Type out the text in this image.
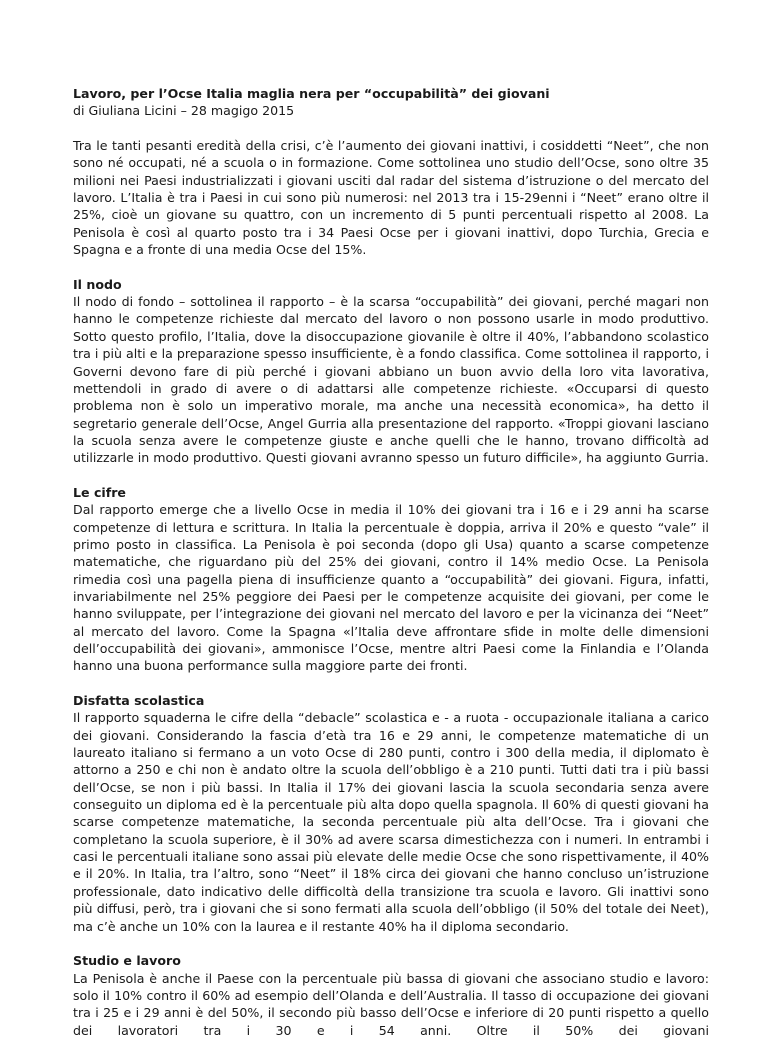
Lavoro, per l’Ocse Italia maglia nera per “occupabilità” dei giovani

di Giuliana Licini – 28 magigo 2015

Tra le tanti pesanti eredità della crisi, c’è l’aumento dei giovani inattivi, i cosiddetti “Neet”, che non sono né occupati, né a scuola o in formazione. Come sottolinea uno studio dell’Ocse, sono oltre 35 milioni nei Paesi industrializzati i giovani usciti dal radar del sistema d’istruzione o del mercato del lavoro. L’Italia è tra i Paesi in cui sono più numerosi: nel 2013 tra i 15-29enni i “Neet” erano oltre il 25%, cioè un giovane su quattro, con un incremento di 5 punti percentuali rispetto al 2008. La Penisola è così al quarto posto tra i 34 Paesi Ocse per i giovani inattivi, dopo Turchia, Grecia e Spagna e a fronte di una media Ocse del 15%.

Il nodo

Il nodo di fondo – sottolinea il rapporto – è la scarsa “occupabilità” dei giovani, perché magari non hanno le competenze richieste dal mercato del lavoro o non possono usarle in modo produttivo. Sotto questo profilo, l’Italia, dove la disoccupazione giovanile è oltre il 40%, l’abbandono scolastico tra i più alti e la preparazione spesso insufficiente, è a fondo classifica. Come sottolinea il rapporto, i Governi devono fare di più perché i giovani abbiano un buon avvio della loro vita lavorativa, mettendoli in grado di avere o di adattarsi alle competenze richieste. «Occuparsi di questo problema non è solo un imperativo morale, ma anche una necessità economica», ha detto il segretario generale dell’Ocse, Angel Gurria alla presentazione del rapporto. «Troppi giovani lasciano la scuola senza avere le competenze giuste e anche quelli che le hanno, trovano difficoltà ad utilizzarle in modo produttivo. Questi giovani avranno spesso un futuro difficile», ha aggiunto Gurria.

Le cifre

Dal rapporto emerge che a livello Ocse in media il 10% dei giovani tra i 16 e i 29 anni ha scarse competenze di lettura e scrittura. In Italia la percentuale è doppia, arriva il 20% e questo “vale” il primo posto in classifica. La Penisola è poi seconda (dopo gli Usa) quanto a scarse competenze matematiche, che riguardano più del 25% dei giovani, contro il 14% medio Ocse. La Penisola rimedia così una pagella piena di insufficienze quanto a “occupabilità” dei giovani. Figura, infatti, invariabilmente nel 25% peggiore dei Paesi per le competenze acquisite dei giovani, per come le hanno sviluppate, per l’integrazione dei giovani nel mercato del lavoro e per la vicinanza dei “Neet” al mercato del lavoro. Come la Spagna «l’Italia deve affrontare sfide in molte delle dimensioni dell’occupabilità dei giovani», ammonisce l’Ocse, mentre altri Paesi come la Finlandia e l’Olanda hanno una buona performance sulla maggiore parte dei fronti.

Disfatta scolastica

Il rapporto squaderna le cifre della “debacle” scolastica e - a ruota - occupazionale italiana a carico dei giovani. Considerando la fascia d’età tra 16 e 29 anni, le competenze matematiche di un laureato italiano si fermano a un voto Ocse di 280 punti, contro i 300 della media, il diplomato è attorno a 250 e chi non è andato oltre la scuola dell’obbligo è a 210 punti. Tutti dati tra i più bassi dell’Ocse, se non i più bassi. In Italia il 17% dei giovani lascia la scuola secondaria senza avere conseguito un diploma ed è la percentuale più alta dopo quella spagnola. Il 60% di questi giovani ha scarse competenze matematiche, la seconda percentuale più alta dell’Ocse. Tra i giovani che completano la scuola superiore, è il 30% ad avere scarsa dimestichezza con i numeri. In entrambi i casi le percentuali italiane sono assai più elevate delle medie Ocse che sono rispettivamente, il 40% e il 20%. In Italia, tra l’altro, sono “Neet” il 18% circa dei giovani che hanno concluso un’istruzione professionale, dato indicativo delle difficoltà della transizione tra scuola e lavoro. Gli inattivi sono più diffusi, però, tra i giovani che si sono fermati alla scuola dell’obbligo (il 50% del totale dei Neet), ma c’è anche un 10% con la laurea e il restante 40% ha il diploma secondario.

Studio e lavoro

La Penisola è anche il Paese con la percentuale più bassa di giovani che associano studio e lavoro: solo il 10% contro il 60% ad esempio dell’Olanda e dell’Australia. Il tasso di occupazione dei giovani tra i 25 e i 29 anni è del 50%, il secondo più basso dell’Ocse e inferiore di 20 punti rispetto a quello dei lavoratori tra i 30 e i 54 anni. Oltre il 50% dei giovani
